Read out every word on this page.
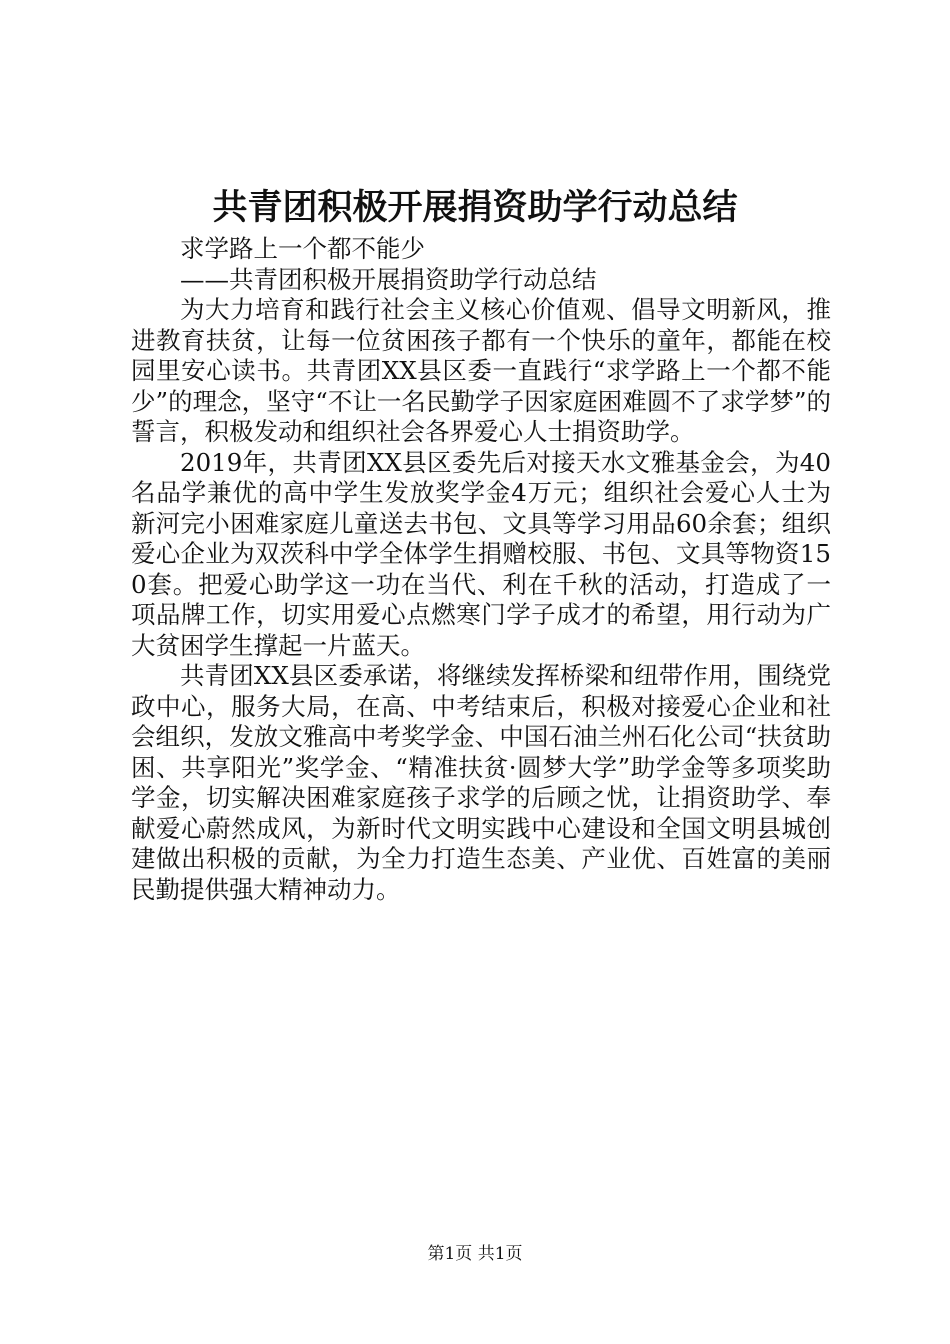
共青团积极开展捐资助学行动总结

求学路上一个都不能少

——共青团积极开展捐资助学行动总结

为大力培育和践行社会主义核心价值观、倡导文明新风，推进教育扶贫，让每一位贫困孩子都有一个快乐的童年，都能在校园里安心读书。共青团XX县区委一直践行“求学路上一个都不能少”的理念，坚守“不让一名民勤学子因家庭困难圆不了求学梦”的誓言，积极发动和组织社会各界爱心人士捐资助学。

2019年，共青团XX县区委先后对接天水文雅基金会，为40名品学兼优的高中学生发放奖学金4万元；组织社会爱心人士为新河完小困难家庭儿童送去书包、文具等学习用品60余套；组织爱心企业为双茨科中学全体学生捐赠校服、书包、文具等物资150套。把爱心助学这一功在当代、利在千秋的活动，打造成了一项品牌工作，切实用爱心点燃寒门学子成才的希望，用行动为广大贫困学生撑起一片蓝天。

共青团XX县区委承诺，将继续发挥桥梁和纽带作用，围绕党政中心，服务大局，在高、中考结束后，积极对接爱心企业和社会组织，发放文雅高中考奖学金、中国石油兰州石化公司“扶贫助困、共享阳光”奖学金、“精准扶贫·圆梦大学”助学金等多项奖助学金，切实解决困难家庭孩子求学的后顾之忧，让捐资助学、奉献爱心蔚然成风，为新时代文明实践中心建设和全国文明县城创建做出积极的贡献，为全力打造生态美、产业优、百姓富的美丽民勤提供强大精神动力。

第1页 共1页
